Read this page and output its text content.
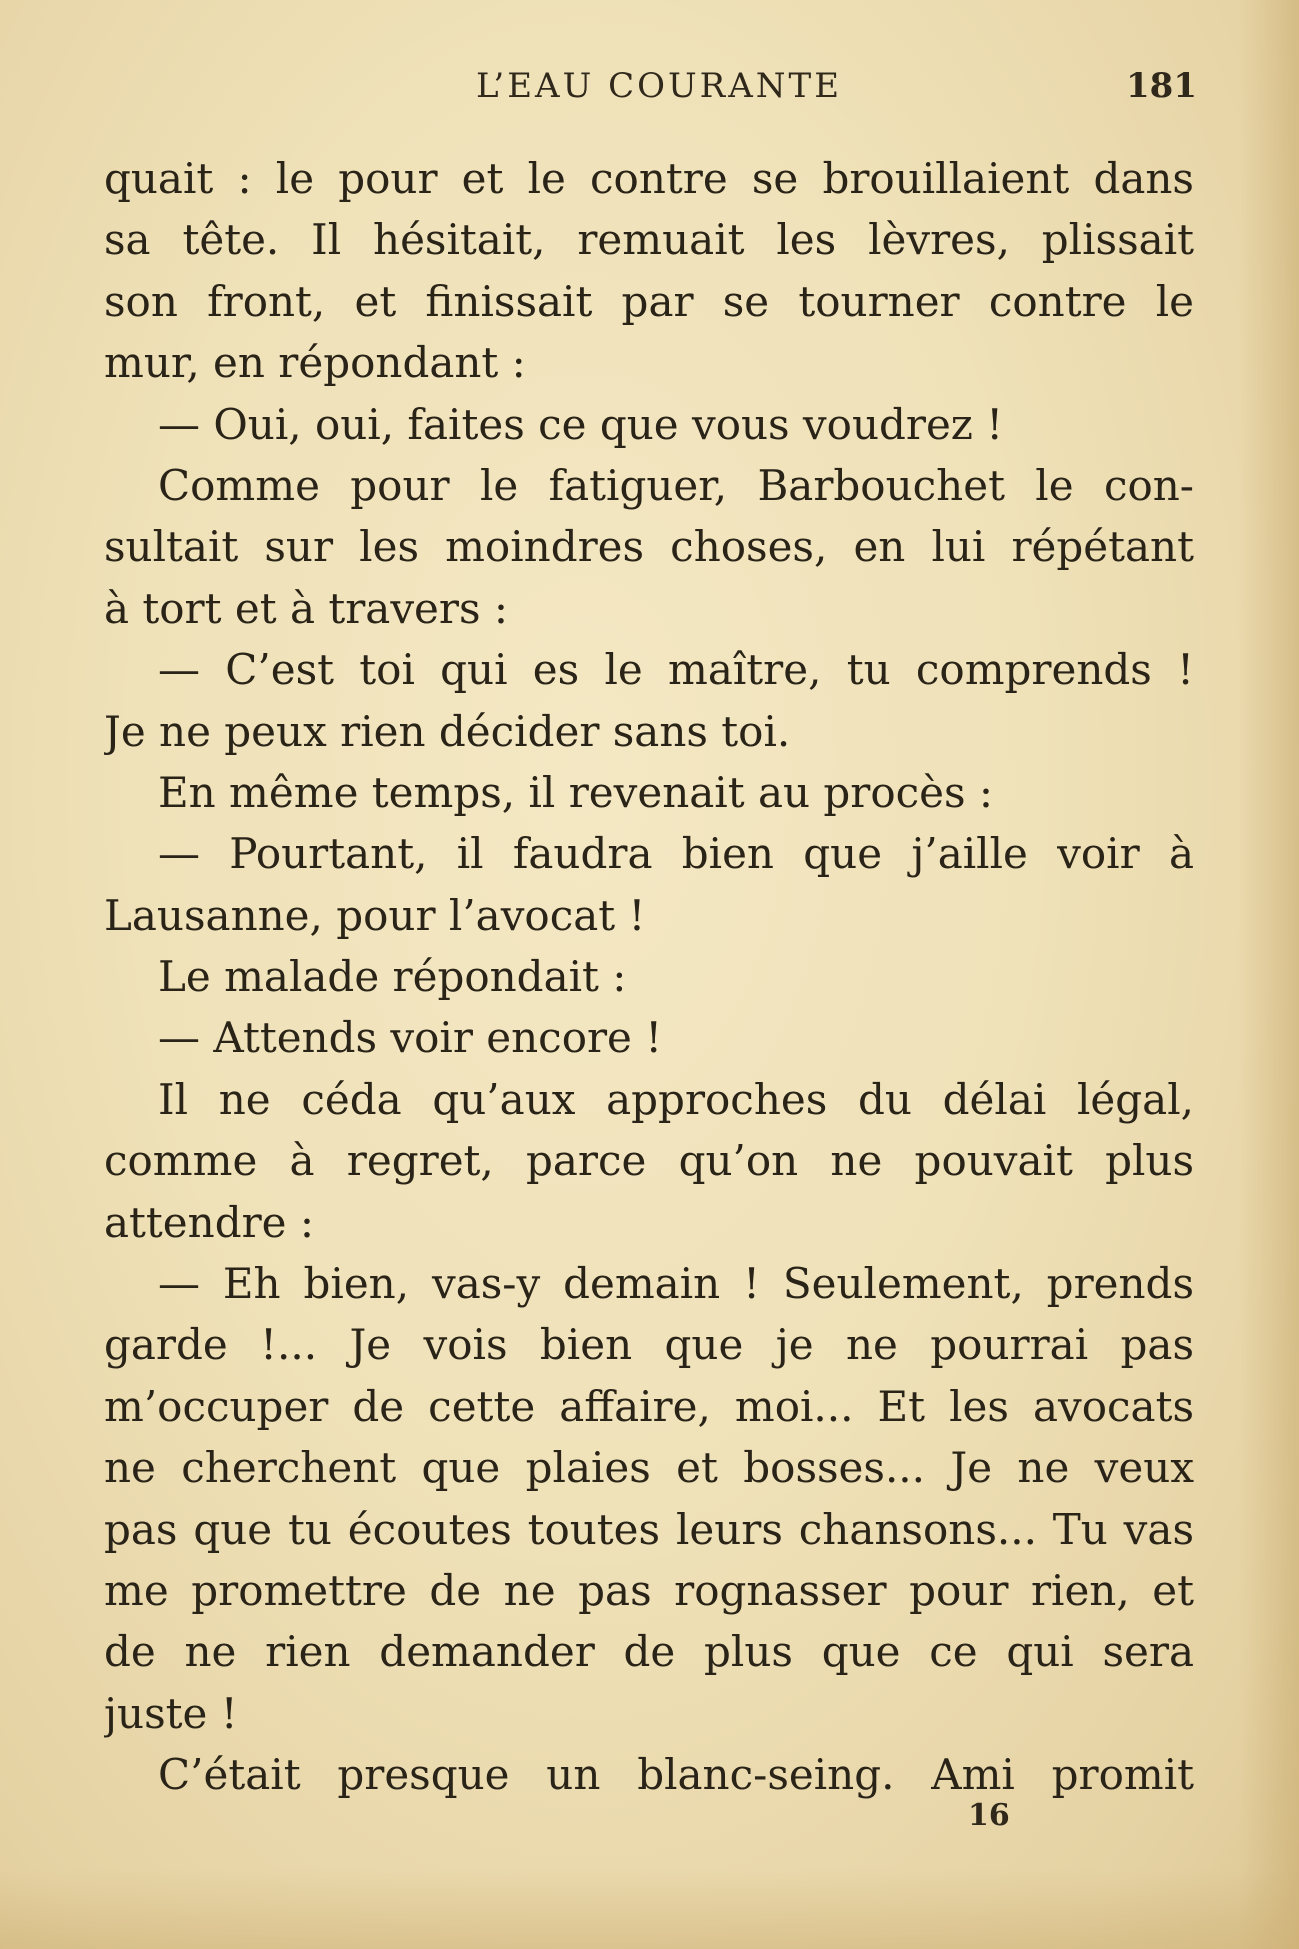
L’EAU COURANTE	181
quait : le pour et le contre se brouillaient dans
sa tête. Il hésitait, remuait les lèvres, plissait
son front, et finissait par se tourner contre le
mur, en répondant :
— Oui, oui, faites ce que vous voudrez !
Comme pour le fatiguer, Barbouchet le con-
sultait sur les moindres choses, en lui répétant
à tort et à travers :
— C’est toi qui es le maître, tu comprends !
Je ne peux rien décider sans toi.
En même temps, il revenait au procès :
— Pourtant, il faudra bien que j’aille voir à
Lausanne, pour l’avocat !
Le malade répondait :
— Attends voir encore !
Il ne céda qu’aux approches du délai légal,
comme à regret, parce qu’on ne pouvait plus
attendre :
— Eh bien, vas-y demain ! Seulement, prends
garde !... Je vois bien que je ne pourrai pas
m’occuper de cette affaire, moi... Et les avocats
ne cherchent que plaies et bosses... Je ne veux
pas que tu écoutes toutes leurs chansons... Tu vas
me promettre de ne pas rognasser pour rien, et
de ne rien demander de plus que ce qui sera
juste !
C’était presque un blanc-seing. Ami promit
16
